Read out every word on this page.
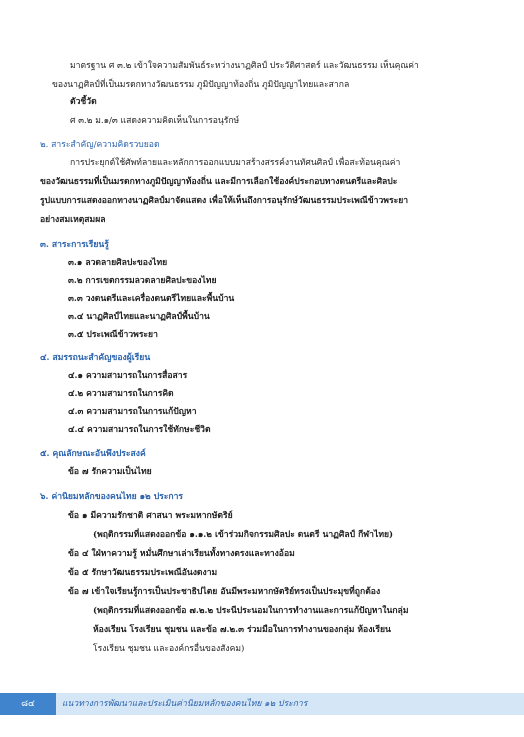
มาตรฐาน ศ ๓.๒ เข้าใจความสัมพันธ์ระหว่างนาฏศิลป์ ประวัติศาสตร์ และวัฒนธรรม เห็นคุณค่า
ของนาฏศิลป์ที่เป็นมรดกทางวัฒนธรรม ภูมิปัญญาท้องถิ่น ภูมิปัญญาไทยและสากล
ตัวชี้วัด
ศ ๓.๒ ม.๑/๓ แสดงความคิดเห็นในการอนุรักษ์
๒. สาระสำคัญ/ความคิดรวบยอด
การประยุกต์ใช้ศัพท์ลายและหลักการออกแบบมาสร้างสรรค์งานทัศนศิลป์ เพื่อสะท้อนคุณค่า
ของวัฒนธรรมที่เป็นมรดกทางภูมิปัญญาท้องถิ่น และมีการเลือกใช้องค์ประกอบทางดนตรีและศิลปะ
รูปแบบการแสดงออกทางนาฏศิลป์มาจัดแสดง เพื่อให้เห็นถึงการอนุรักษ์วัฒนธรรมประเพณีข้าวพระยา
อย่างสมเหตุสมผล
๓. สาระการเรียนรู้
๓.๑ ลวดลายศิลปะของไทย
๓.๒ การเขตกรรมลวดลายศิลปะของไทย
๓.๓ วงดนตรีและเครื่องดนตรีไทยและพื้นบ้าน
๓.๔ นาฏศิลป์ไทยและนาฏศิลป์พื้นบ้าน
๓.๕ ประเพณีข้าวพระยา
๔. สมรรถนะสำคัญของผู้เรียน
๔.๑ ความสามารถในการสื่อสาร
๔.๒ ความสามารถในการคิด
๔.๓ ความสามารถในการแก้ปัญหา
๔.๔ ความสามารถในการใช้ทักษะชีวิต
๕. คุณลักษณะอันพึงประสงค์
ข้อ ๗ รักความเป็นไทย
๖. ค่านิยมหลักของคนไทย ๑๒ ประการ
ข้อ ๑ มีความรักชาติ ศาสนา พระมหากษัตริย์
(พฤติกรรมที่แสดงออกข้อ ๑.๑.๒ เข้าร่วมกิจกรรมศิลปะ ดนตรี นาฏศิลป์ กีฬาไทย)
ข้อ ๔ ใฝ่หาความรู้ หมั่นศึกษาเล่าเรียนทั้งทางตรงและทางอ้อม
ข้อ ๕ รักษาวัฒนธรรมประเพณีอันงดงาม
ข้อ ๗ เข้าใจเรียนรู้การเป็นประชาธิปไตย อันมีพระมหากษัตริย์ทรงเป็นประมุขที่ถูกต้อง
(พฤติกรรมที่แสดงออกข้อ ๗.๒.๒ ประนีประนอมในการทำงานและการแก้ปัญหาในกลุ่ม
ห้องเรียน โรงเรียน ชุมชน และข้อ ๗.๒.๓ ร่วมมือในการทำงานของกลุ่ม ห้องเรียน
โรงเรียน ชุมชน และองค์กรอื่นของสังคม)
๘๔	แนวทางการพัฒนาและประเมินค่านิยมหลักของคนไทย ๑๒ ประการ
